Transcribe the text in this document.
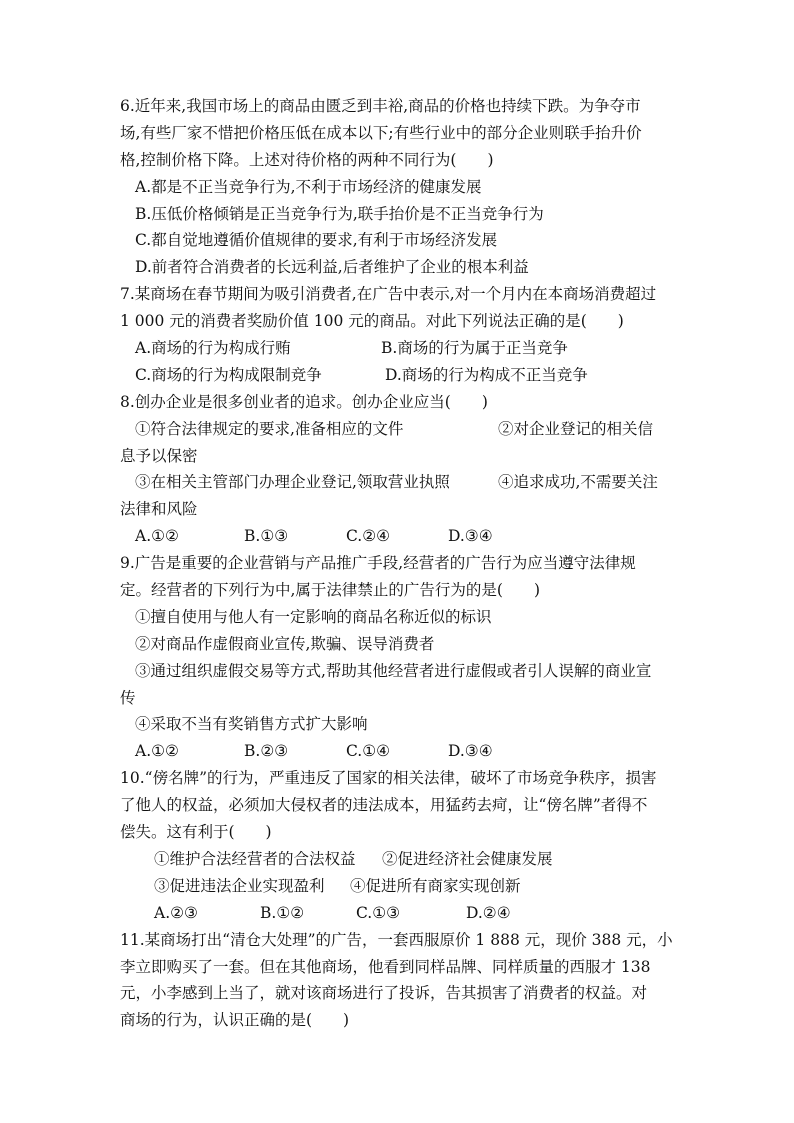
6.近年来,我国市场上的商品由匮乏到丰裕,商品的价格也持续下跌。为争夺市
场,有些厂家不惜把价格压低在成本以下;有些行业中的部分企业则联手抬升价
格,控制价格下降。上述对待价格的两种不同行为(　　)
A.都是不正当竞争行为,不利于市场经济的健康发展
B.压低价格倾销是正当竞争行为,联手抬价是不正当竞争行为
C.都自觉地遵循价值规律的要求,有利于市场经济发展
D.前者符合消费者的长远利益,后者维护了企业的根本利益
7.某商场在春节期间为吸引消费者,在广告中表示,对一个月内在本商场消费超过
1 000 元的消费者奖励价值 100 元的商品。对此下列说法正确的是(　　)
A.商场的行为构成行贿	B.商场的行为属于正当竞争
C.商场的行为构成限制竞争	D.商场的行为构成不正当竞争
8.创办企业是很多创业者的追求。创办企业应当(　　)
①符合法律规定的要求,准备相应的文件	②对企业登记的相关信
息予以保密
③在相关主管部门办理企业登记,领取营业执照	④追求成功,不需要关注
法律和风险
A.①②	B.①③	C.②④	D.③④
9.广告是重要的企业营销与产品推广手段,经营者的广告行为应当遵守法律规
定。经营者的下列行为中,属于法律禁止的广告行为的是(　　)
①擅自使用与他人有一定影响的商品名称近似的标识
②对商品作虚假商业宣传,欺骗、误导消费者
③通过组织虚假交易等方式,帮助其他经营者进行虚假或者引人误解的商业宣
传
④采取不当有奖销售方式扩大影响
A.①②	B.②③	C.①④	D.③④
10.“傍名牌”的行为，严重违反了国家的相关法律，破坏了市场竞争秩序，损害
了他人的权益，必须加大侵权者的违法成本，用猛药去疴，让“傍名牌”者得不
偿失。这有利于(　　)
①维护合法经营者的合法权益	②促进经济社会健康发展
③促进违法企业实现盈利	④促进所有商家实现创新
A.②③	B.①②	C.①③	D.②④
11.某商场打出“清仓大处理”的广告，一套西服原价 1 888 元，现价 388 元，小
李立即购买了一套。但在其他商场，他看到同样品牌、同样质量的西服才 138
元，小李感到上当了，就对该商场进行了投诉，告其损害了消费者的权益。对
商场的行为，认识正确的是(　　)
